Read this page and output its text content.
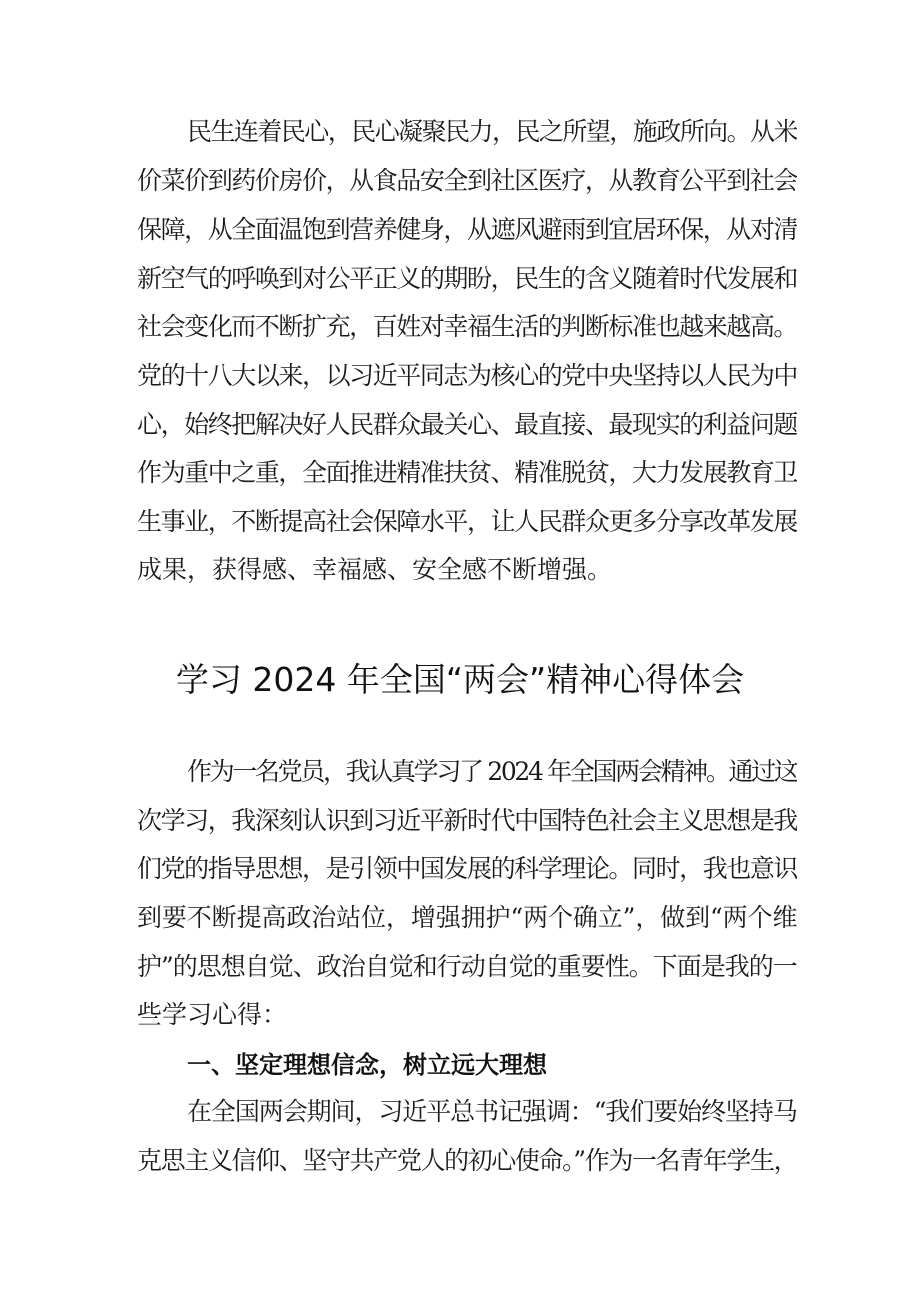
民生连着民心，民心凝聚民力，民之所望，施政所向。从米
价菜价到药价房价，从食品安全到社区医疗，从教育公平到社会
保障，从全面温饱到营养健身，从遮风避雨到宜居环保，从对清
新空气的呼唤到对公平正义的期盼，民生的含义随着时代发展和
社会变化而不断扩充，百姓对幸福生活的判断标准也越来越高。
党的十八大以来，以习近平同志为核心的党中央坚持以人民为中
心，始终把解决好人民群众最关心、最直接、最现实的利益问题
作为重中之重，全面推进精准扶贫、精准脱贫，大力发展教育卫
生事业，不断提高社会保障水平，让人民群众更多分享改革发展
成果，获得感、幸福感、安全感不断增强。
学习 2024 年全国“两会”精神心得体会
作为一名党员，我认真学习了 2024 年全国两会精神。通过这
次学习，我深刻认识到习近平新时代中国特色社会主义思想是我
们党的指导思想，是引领中国发展的科学理论。同时，我也意识
到要不断提高政治站位，增强拥护“两个确立”，做到“两个维
护”的思想自觉、政治自觉和行动自觉的重要性。下面是我的一
些学习心得：
一、坚定理想信念，树立远大理想
在全国两会期间，习近平总书记强调：“我们要始终坚持马
克思主义信仰、坚守共产党人的初心使命。”作为一名青年学生，
